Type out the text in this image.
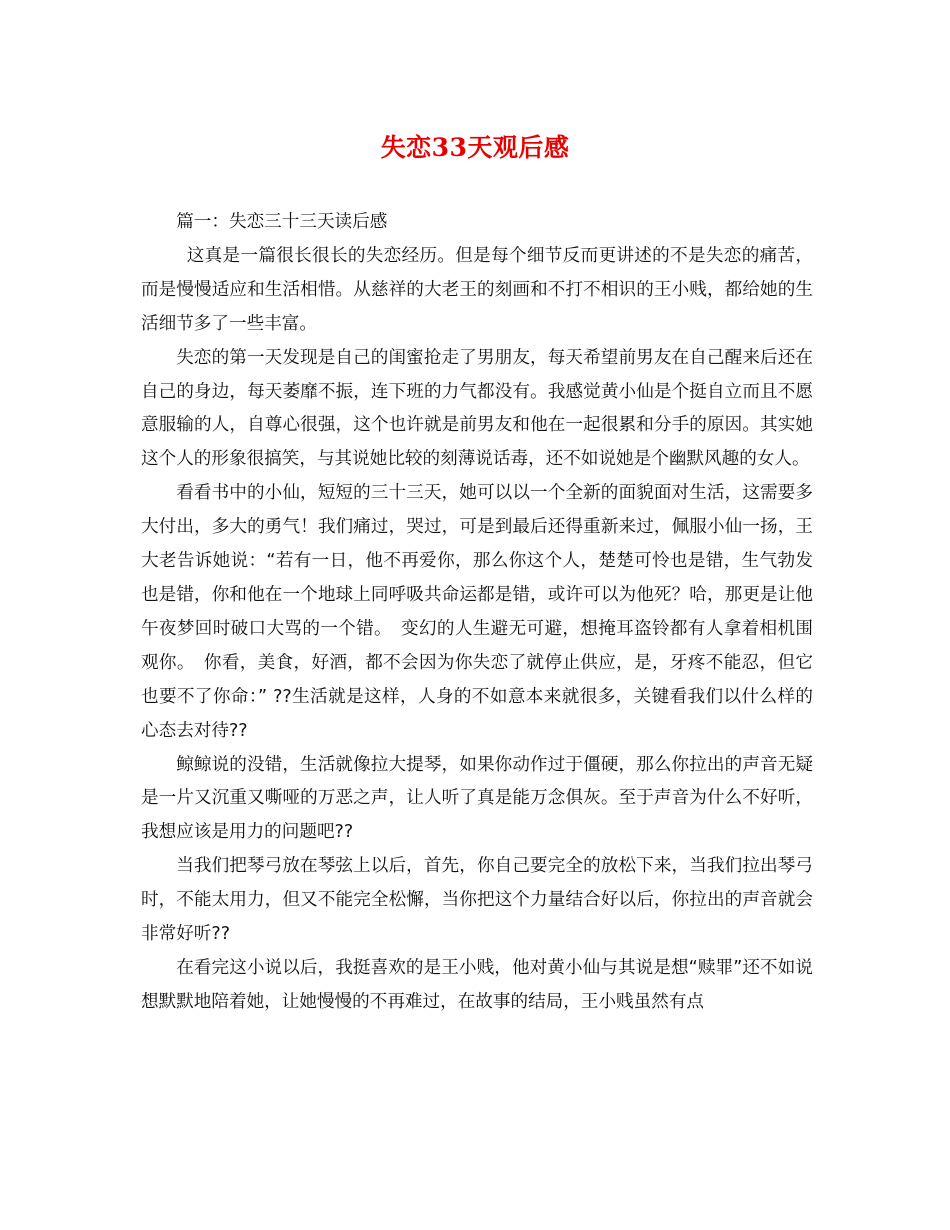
失恋33天观后感

篇一：失恋三十三天读后感

这真是一篇很长很长的失恋经历。但是每个细节反而更讲述的不是失恋的痛苦，而是慢慢适应和生活相惜。从慈祥的大老王的刻画和不打不相识的王小贱，都给她的生活细节多了一些丰富。

失恋的第一天发现是自己的闺蜜抢走了男朋友，每天希望前男友在自己醒来后还在自己的身边，每天萎靡不振，连下班的力气都没有。我感觉黄小仙是个挺自立而且不愿意服输的人，自尊心很强，这个也许就是前男友和他在一起很累和分手的原因。其实她这个人的形象很搞笑，与其说她比较的刻薄说话毒，还不如说她是个幽默风趣的女人。

看看书中的小仙，短短的三十三天，她可以以一个全新的面貌面对生活，这需要多大付出，多大的勇气！我们痛过，哭过，可是到最后还得重新来过，佩服小仙一扬，王大老告诉她说：“若有一日，他不再爱你，那么你这个人，楚楚可怜也是错，生气勃发也是错，你和他在一个地球上同呼吸共命运都是错，或许可以为他死？哈，那更是让他午夜梦回时破口大骂的一个错。　变幻的人生避无可避，想掩耳盗铃都有人拿着相机围观你。　你看，美食，好酒，都不会因为你失恋了就停止供应，是，牙疼不能忍，但它也要不了你命：” ??生活就是这样，人身的不如意本来就很多，关键看我们以什么样的心态去对待??

鲸鲸说的没错，生活就像拉大提琴，如果你动作过于僵硬，那么你拉出的声音无疑是一片又沉重又嘶哑的万恶之声，让人听了真是能万念俱灰。至于声音为什么不好听，我想应该是用力的问题吧??

当我们把琴弓放在琴弦上以后，首先，你自己要完全的放松下来，当我们拉出琴弓时，不能太用力，但又不能完全松懈，当你把这个力量结合好以后，你拉出的声音就会非常好听??

在看完这小说以后，我挺喜欢的是王小贱，他对黄小仙与其说是想“赎罪”还不如说想默默地陪着她，让她慢慢的不再难过，在故事的结局，王小贱虽然有点
